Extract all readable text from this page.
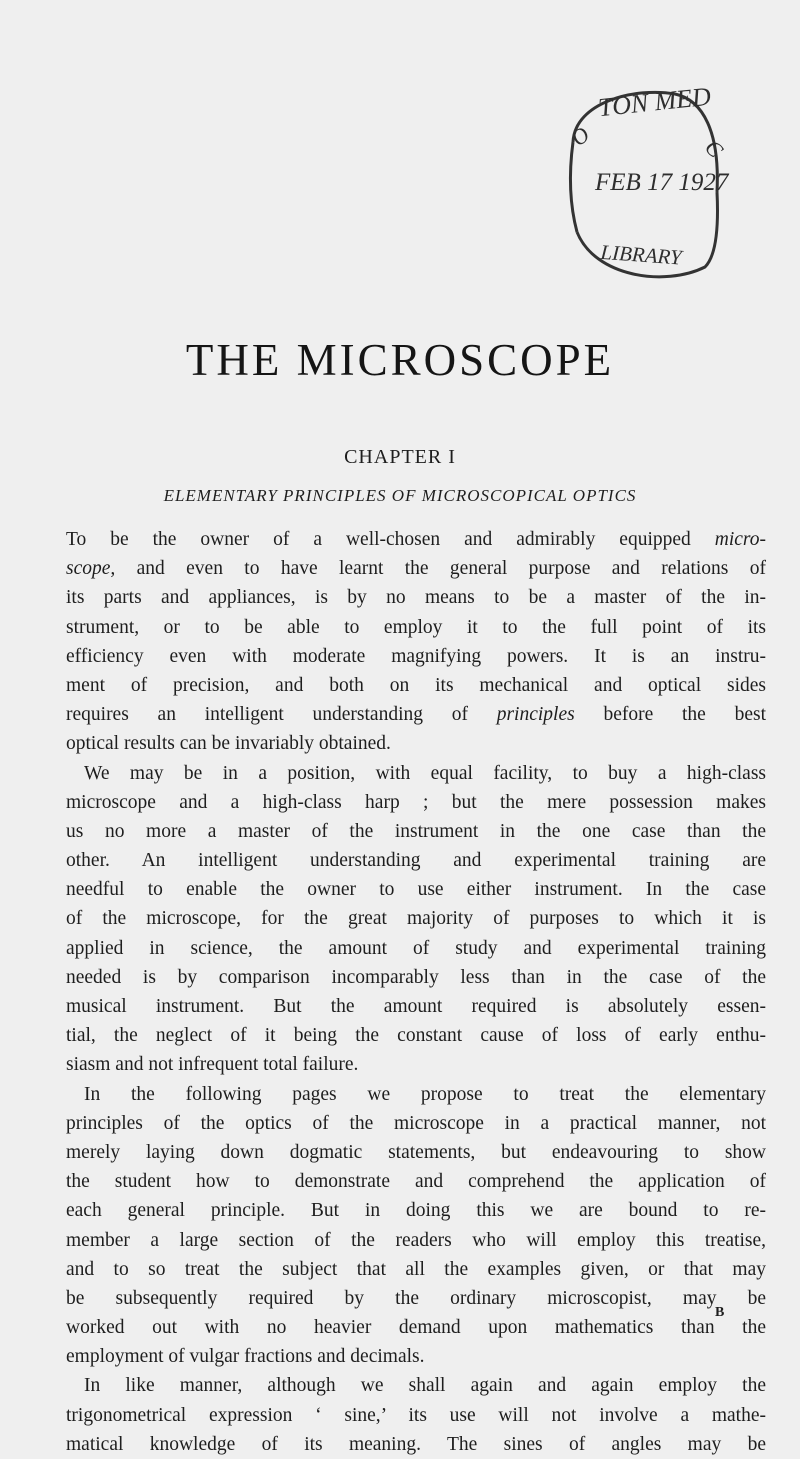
TON MED
O	C
FEB 17 1927
LIBRARY
THE MICROSCOPE
CHAPTER I
ELEMENTARY PRINCIPLES OF MICROSCOPICAL OPTICS
To be the owner of a well-chosen and admirably equipped micro-
scope, and even to have learnt the general purpose and relations of
its parts and appliances, is by no means to be a master of the in-
strument, or to be able to employ it to the full point of its
efficiency even with moderate magnifying powers. It is an instru-
ment of precision, and both on its mechanical and optical sides
requires an intelligent understanding of principles before the best
optical results can be invariably obtained.
We may be in a position, with equal facility, to buy a high-class
microscope and a high-class harp ; but the mere possession makes
us no more a master of the instrument in the one case than the
other. An intelligent understanding and experimental training are
needful to enable the owner to use either instrument. In the case
of the microscope, for the great majority of purposes to which it is
applied in science, the amount of study and experimental training
needed is by comparison incomparably less than in the case of the
musical instrument. But the amount required is absolutely essen-
tial, the neglect of it being the constant cause of loss of early enthu-
siasm and not infrequent total failure.
In the following pages we propose to treat the elementary
principles of the optics of the microscope in a practical manner, not
merely laying down dogmatic statements, but endeavouring to show
the student how to demonstrate and comprehend the application of
each general principle. But in doing this we are bound to re-
member a large section of the readers who will employ this treatise,
and to so treat the subject that all the examples given, or that may
be subsequently required by the ordinary microscopist, may be
worked out with no heavier demand upon mathematics than the
employment of vulgar fractions and decimals.
In like manner, although we shall again and again employ the
trigonometrical expression ‘ sine,’ its use will not involve a mathe-
matical knowledge of its meaning. The sines of angles may be

B
